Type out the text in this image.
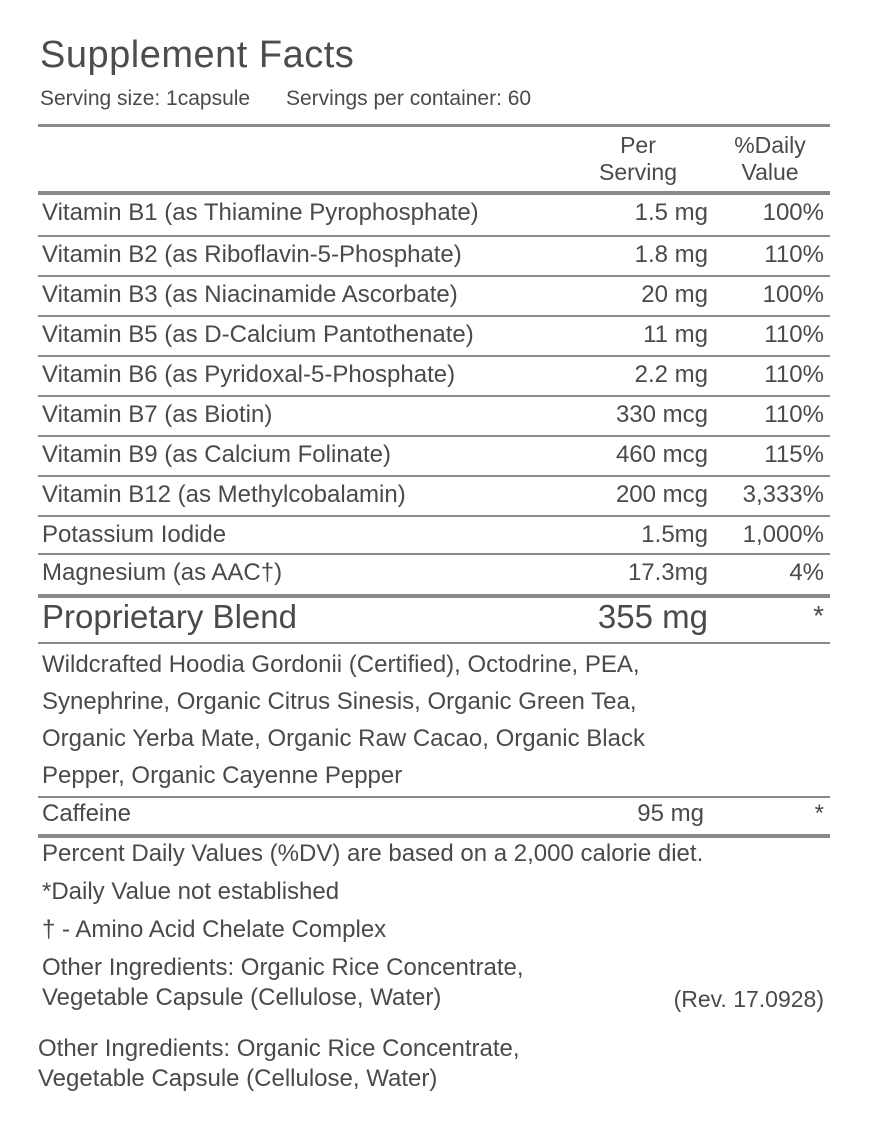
Supplement Facts
Serving size: 1capsule Servings per container: 60
Per
Serving
%Daily
Value
Vitamin B1 (as Thiamine Pyrophosphate)	1.5 mg 100%
Vitamin B2 (as Riboflavin-5-Phosphate)	1.8 mg 110%
Vitamin B3 (as Niacinamide Ascorbate)	20 mg 100%
Vitamin B5 (as D-Calcium Pantothenate)	11 mg 110%
Vitamin B6 (as Pyridoxal-5-Phosphate)	2.2 mg 110%
Vitamin B7 (as Biotin)	330 mcg 110%
Vitamin B9 (as Calcium Folinate)	460 mcg 115%
Vitamin B12 (as Methylcobalamin)	200 mcg 3,333%
Potassium Iodide	1.5mg 1,000%
Magnesium (as AAC†)	17.3mg	4%
Proprietary Blend	355 mg	*
Wildcrafted Hoodia Gordonii (Certified), Octodrine, PEA,
Synephrine, Organic Citrus Sinesis, Organic Green Tea,
Organic Yerba Mate, Organic Raw Cacao, Organic Black
Pepper, Organic Cayenne Pepper
Caffeine	95 mg	*
Percent Daily Values (%DV) are based on a 2,000 calorie diet.
*Daily Value not established
† - Amino Acid Chelate Complex
Other Ingredients: Organic Rice Concentrate,
Vegetable Capsule (Cellulose, Water)	(Rev. 17.0928)
Other Ingredients: Organic Rice Concentrate,
Vegetable Capsule (Cellulose, Water)
